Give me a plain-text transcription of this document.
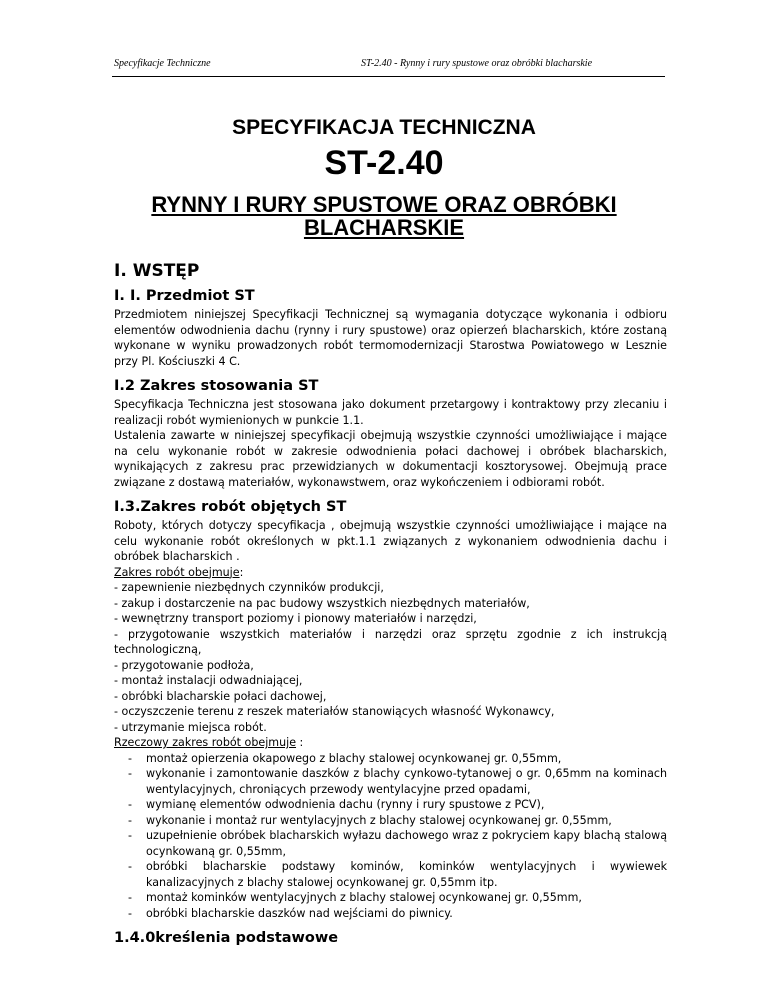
Specyfikacje Techniczne	ST-2.40 - Rynny i rury spustowe oraz obróbki blacharskie
SPECYFIKACJA TECHNICZNA
ST-2.40
RYNNY I RURY SPUSTOWE ORAZ OBRÓBKI
BLACHARSKIE
I. WSTĘP
I. I. Przedmiot ST

Przedmiotem niniejszej Specyfikacji Technicznej są wymagania dotyczące wykonania i odbioru elementów odwodnienia dachu (rynny i rury spustowe) oraz opierzeń blacharskich, które zostaną wykonane w wyniku prowadzonych robót termomodernizacji Starostwa Powiatowego w Lesznie przy Pl. Kościuszki 4 C.

I.2 Zakres stosowania ST

Specyfikacja Techniczna jest stosowana jako dokument przetargowy i kontraktowy przy zlecaniu i realizacji robót wymienionych w punkcie 1.1.

Ustalenia zawarte w niniejszej specyfikacji obejmują wszystkie czynności umożliwiające i mające na celu wykonanie robót w zakresie odwodnienia połaci dachowej i obróbek blacharskich, wynikających z zakresu prac przewidzianych w dokumentacji kosztorysowej. Obejmują prace związane z dostawą materiałów, wykonawstwem, oraz wykończeniem i odbiorami robót.

I.3.Zakres robót objętych ST

Roboty, których dotyczy specyfikacja , obejmują wszystkie czynności umożliwiające i mające na celu wykonanie robót określonych w pkt.1.1 związanych z wykonaniem odwodnienia dachu i obróbek blacharskich .

Zakres robót obejmuje:

- zapewnienie niezbędnych czynników produkcji,

- zakup i dostarczenie na pac budowy wszystkich niezbędnych materiałów,

- wewnętrzny transport poziomy i pionowy materiałów i narzędzi,

- przygotowanie wszystkich materiałów i narzędzi oraz sprzętu zgodnie z ich instrukcją technologiczną,

- przygotowanie podłoża,

- montaż instalacji odwadniającej,

- obróbki blacharskie połaci dachowej,

- oczyszczenie terenu z reszek materiałów stanowiących własność Wykonawcy,

- utrzymanie miejsca robót.

Rzeczowy zakres robót obejmuje :
-	montaż opierzenia okapowego z blachy stalowej ocynkowanej gr. 0,55mm,
-	wykonanie i zamontowanie daszków z blachy cynkowo-tytanowej o gr. 0,65mm na kominach wentylacyjnych, chroniących przewody wentylacyjne przed opadami,
-	wymianę elementów odwodnienia dachu (rynny i rury spustowe z PCV),
-	wykonanie i montaż rur wentylacyjnych z blachy stalowej ocynkowanej gr. 0,55mm,
-	uzupełnienie obróbek blacharskich wyłazu dachowego wraz z pokryciem kapy blachą stalową ocynkowaną gr. 0,55mm,
-	obróbki blacharskie podstawy kominów, kominków wentylacyjnych i wywiewek kanalizacyjnych z blachy stalowej ocynkowanej gr. 0,55mm itp.
-	montaż kominków wentylacyjnych z blachy stalowej ocynkowanej gr. 0,55mm,
-	obróbki blacharskie daszków nad wejściami do piwnicy.
1.4.0kreślenia podstawowe
